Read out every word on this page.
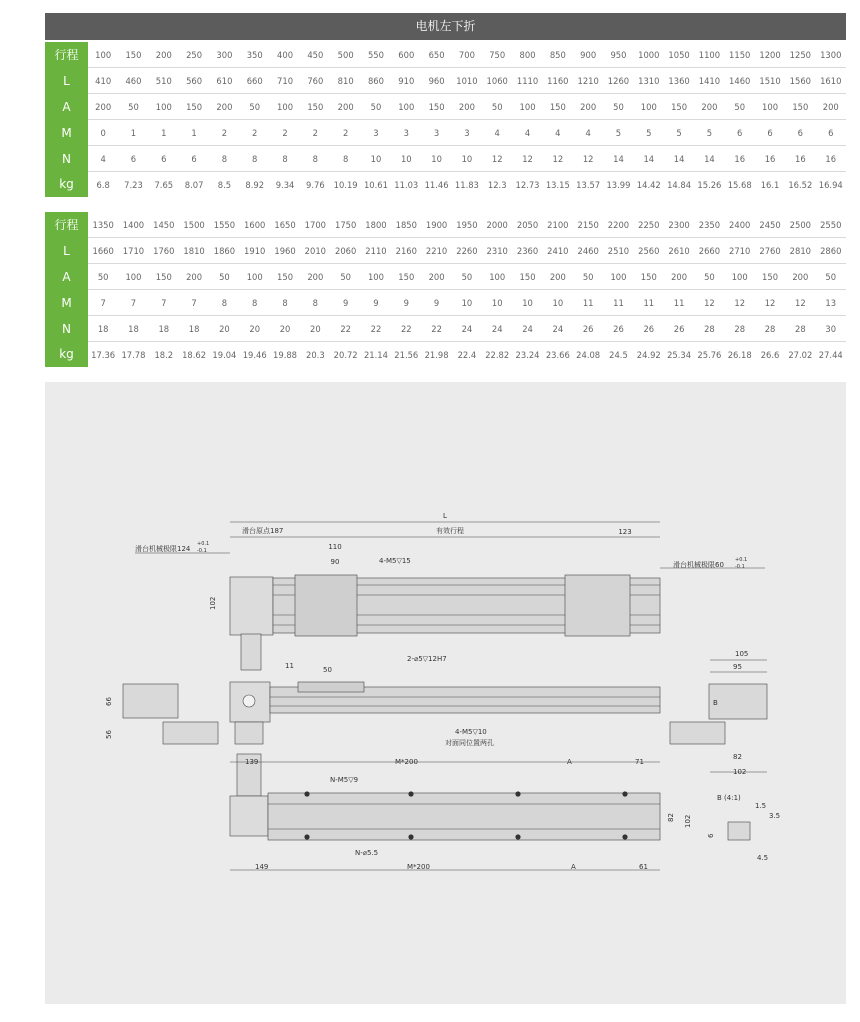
电机左下折
行程	100	150	200	250	300	350	400	450	500	550	600	650	700	750	800	850	900	950	1000	1050	1100	1150	1200	1250	1300
L	410	460	510	560	610	660	710	760	810	860	910	960	1010	1060	1110	1160	1210	1260	1310	1360	1410	1460	1510	1560	1610
A	200	50	100	150	200	50	100	150	200	50	100	150	200	50	100	150	200	50	100	150	200	50	100	150	200
M	0	1	1	1	2	2	2	2	2	3	3	3	3	4	4	4	4	5	5	5	5	6	6	6	6
N	4	6	6	6	8	8	8	8	8	10	10	10	10	12	12	12	12	14	14	14	14	16	16	16	16
kg	6.8	7.23	7.65	8.07	8.5	8.92	9.34	9.76	10.19	10.61	11.03	11.46	11.83	12.3	12.73	13.15	13.57	13.99	14.42	14.84	15.26	15.68	16.1	16.52	16.94
行程	1350	1400	1450	1500	1550	1600	1650	1700	1750	1800	1850	1900	1950	2000	2050	2100	2150	2200	2250	2300	2350	2400	2450	2500	2550
L	1660	1710	1760	1810	1860	1910	1960	2010	2060	2110	2160	2210	2260	2310	2360	2410	2460	2510	2560	2610	2660	2710	2760	2810	2860
A	50	100	150	200	50	100	150	200	50	100	150	200	50	100	150	200	50	100	150	200	50	100	150	200	50
M	7	7	7	7	8	8	8	8	9	9	9	9	10	10	10	10	11	11	11	11	12	12	12	12	13
N	18	18	18	18	20	20	20	20	22	22	22	22	24	24	24	24	26	26	26	26	28	28	28	28	30
kg	17.36	17.78	18.2	18.62	19.04	19.46	19.88	20.3	20.72	21.14	21.56	21.98	22.4	22.82	23.24	23.66	24.08	24.5	24.92	25.34	25.76	26.18	26.6	27.02	27.44
L
滑台原点187	有效行程	123
滑台机械极限124
+0.1
-0.1
滑台机械极限60
+0.1
-0.1
110
90	4-M5▽15
102
2-⌀5▽12H7
11	50
66
56	4-M5▽10
对面同位置两孔
105
95
82
102
B
139	M*200	A	71
N-M5▽9
N-⌀5.5
82 102
149	M*200	A	61
B (4:1)
1.5
3.5
6
4.5
